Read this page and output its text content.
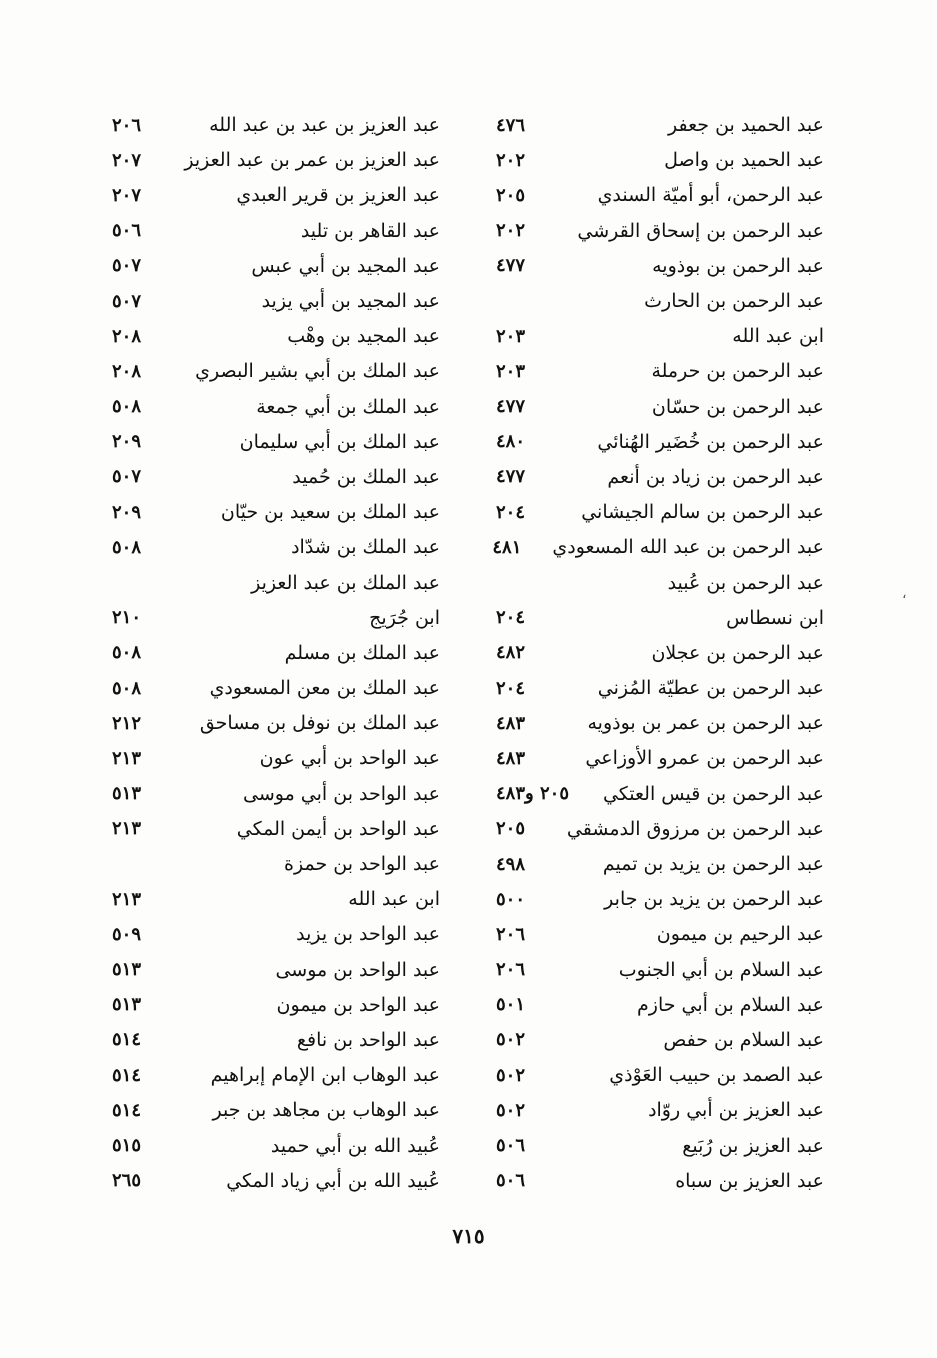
عبد الحميد بن جعفر
٤٧٦
عبد الحميد بن واصل
٢٠٢
عبد الرحمن، أبو أميّة السندي
٢٠٥
عبد الرحمن بن إسحاق القرشي
٢٠٢
عبد الرحمن بن بوذويه
٤٧٧
عبد الرحمن بن الحارث
ابن عبد الله
٢٠٣
عبد الرحمن بن حرملة
٢٠٣
عبد الرحمن بن حسّان
٤٧٧
عبد الرحمن بن خُضَير الهُنائي
٤٨٠
عبد الرحمن بن زياد بن أنعم
٤٧٧
عبد الرحمن بن سالم الجيشاني
٢٠٤
عبد الرحمن بن عبد الله المسعودي
٤٨١
عبد الرحمن بن عُبيد
ابن نسطاس
٢٠٤
عبد الرحمن بن عجلان
٤٨٢
عبد الرحمن بن عطيّة المُزني
٢٠٤
عبد الرحمن بن عمر بن بوذويه
٤٨٣
عبد الرحمن بن عمرو الأوزاعي
٤٨٣
عبد الرحمن بن قيس العتكي
٢٠٥ و٤٨٣
عبد الرحمن بن مرزوق الدمشقي
٢٠٥
عبد الرحمن بن يزيد بن تميم
٤٩٨
عبد الرحمن بن يزيد بن جابر
٥٠٠
عبد الرحيم بن ميمون
٢٠٦
عبد السلام بن أبي الجنوب
٢٠٦
عبد السلام بن أبي حازم
٥٠١
عبد السلام بن حفص
٥٠٢
عبد الصمد بن حبيب العَوْذي
٥٠٢
عبد العزيز بن أبي روّاد
٥٠٢
عبد العزيز بن رُبَيع
٥٠٦
عبد العزيز بن سباه
٥٠٦
عبد العزيز بن عبد بن عبد الله
٢٠٦
عبد العزيز بن عمر بن عبد العزيز
٢٠٧
عبد العزيز بن قرير العبدي
٢٠٧
عبد القاهر بن تليد
٥٠٦
عبد المجيد بن أبي عبس
٥٠٧
عبد المجيد بن أبي يزيد
٥٠٧
عبد المجيد بن وهْب
٢٠٨
عبد الملك بن أبي بشير البصري
٢٠٨
عبد الملك بن أبي جمعة
٥٠٨
عبد الملك بن أبي سليمان
٢٠٩
عبد الملك بن حُميد
٥٠٧
عبد الملك بن سعيد بن حيّان
٢٠٩
عبد الملك بن شدّاد
٥٠٨
عبد الملك بن عبد العزيز
ابن جُرَيج
٢١٠
عبد الملك بن مسلم
٥٠٨
عبد الملك بن معن المسعودي
٥٠٨
عبد الملك بن نوفل بن مساحق
٢١٢
عبد الواحد بن أبي عون
٢١٣
عبد الواحد بن أبي موسى
٥١٣
عبد الواحد بن أيمن المكي
٢١٣
عبد الواحد بن حمزة
ابن عبد الله
٢١٣
عبد الواحد بن يزيد
٥٠٩
عبد الواحد بن موسى
٥١٣
عبد الواحد بن ميمون
٥١٣
عبد الواحد بن نافع
٥١٤
عبد الوهاب ابن الإمام إبراهيم
٥١٤
عبد الوهاب بن مجاهد بن جبر
٥١٤
عُبيد الله بن أبي حميد
٥١٥
عُبيد الله بن أبي زياد المكي
٢٦٥
٧١٥
،
